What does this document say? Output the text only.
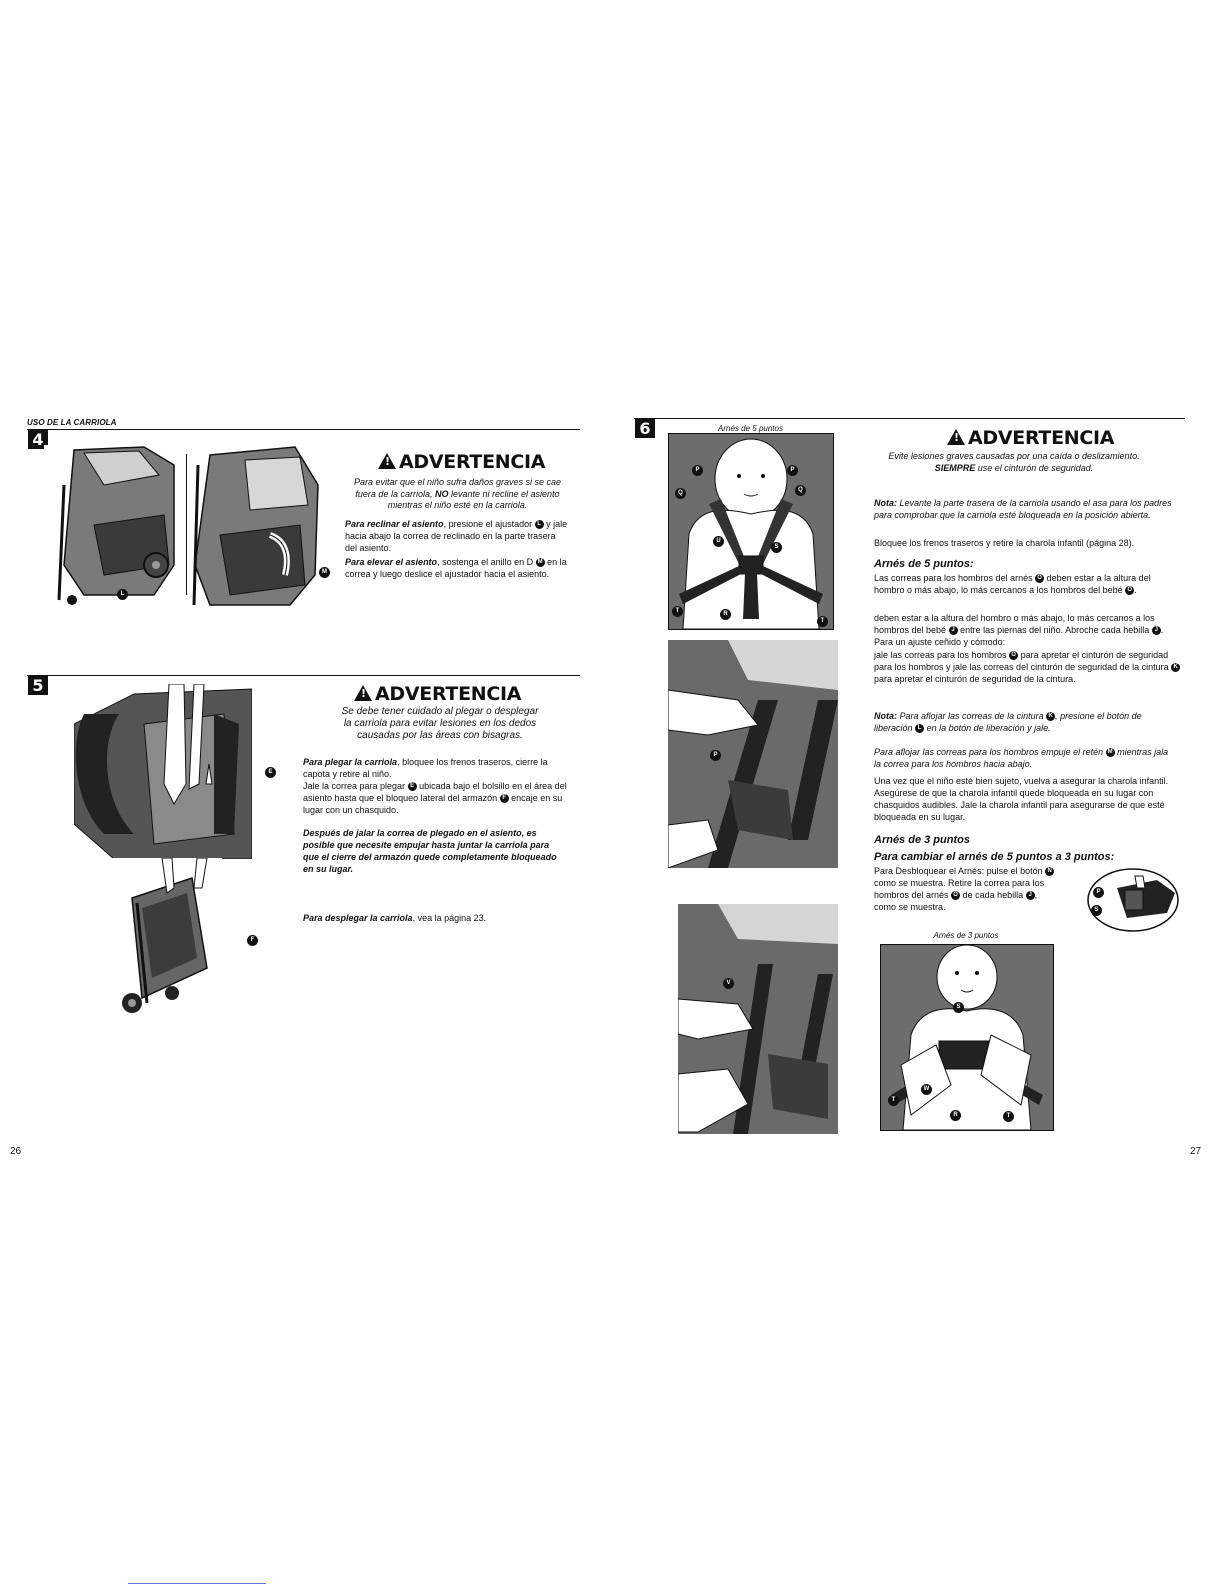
USO DE LA CARRIOLA
4
L
M
!ADVERTENCIA
Para evitar que el niño sufra daños graves si se cae
fuera de la carriola, NO levante ni recline el asiento
mientras el niño esté en la carriola.

Para reclinar el asiento, presione el ajustador L y jale hacia abajo la correa de reclinado en la parte trasera del asiento.

Para elevar el asiento, sostenga el anillo en D M en la correa y luego deslice el ajustador hacia el asiento.

5
E
F
!ADVERTENCIA
Se debe tener cuidado al plegar o desplegar
la carriola para evitar lesiones en los dedos
causadas por las áreas con bisagras.

Para plegar la carriola, bloquee los frenos traseros, cierre la capota y retire al niño.

Jale la correa para plegar E ubicada bajo el bolsillo en el área del asiento hasta que el bloqueo lateral del armazón F encaje en su lugar con un chasquido.

Después de jalar la correa de plegado en el asiento, es posible que necesite empujar hasta juntar la carriola para que el cierre del armazón quede completamente bloqueado en su lugar.
Para desplegar la carriola, vea la página 23.
26
6	Arnés de 5 puntos
P	P
Q	Q
U
S
T	R
T
P
V
!ADVERTENCIA
Evite lesiones graves causadas por una caída o deslizamiento.
SIEMPRE use el cinturón de seguridad.
Nota: Levante la parte trasera de la carriola usando el asa para los padres para comprobar que la carriola esté bloqueada en la posición abierta.
Bloquee los frenos traseros y retire la charola infantil (página 28).
Arnés de 5 puntos:
Las correas para los hombros del arnés O deben estar a la altura del hombro o más abajo, lo más cercanos a los hombros del bebé O .
deben estar a la altura del hombro o más abajo, lo más cercanos a los hombros del bebé J entre las piernas del niño. Abroche cada hebilla J . Para un ajuste ceñido y cómodo:
jale las correas para los hombros O para apretar el cinturón de seguridad para los hombros y jale las correas del cinturón de seguridad de la cintura K para apretar el cinturón de seguridad de la cintura.
Nota: Para aflojar las correas de la cintura K , presione el botón de liberación L en la botón de liberación y jale.
Para aflojar las correas para los hombros empuje el retén M mientras jala la correa para los hombros hacia abajo.
Una vez que el niño esté bien sujeto, vuelva a asegurar la charola infantil. Asegúrese de que la charola infantil quede bloqueada en su lugar con chasquidos audibles. Jale la charola infantil para asegurarse de que esté bloqueada en su lugar.
Arnés de 3 puntos
Para cambiar el arnés de 5 puntos a 3 puntos:
Para Desbloquear el Arnés: pulse el botón N como se muestra. Retire la correa para los hombros del arnés O de cada hebilla J ,
como se muestra.
P
S
Arnés de 3 puntos
S
W
T
R	T
27
